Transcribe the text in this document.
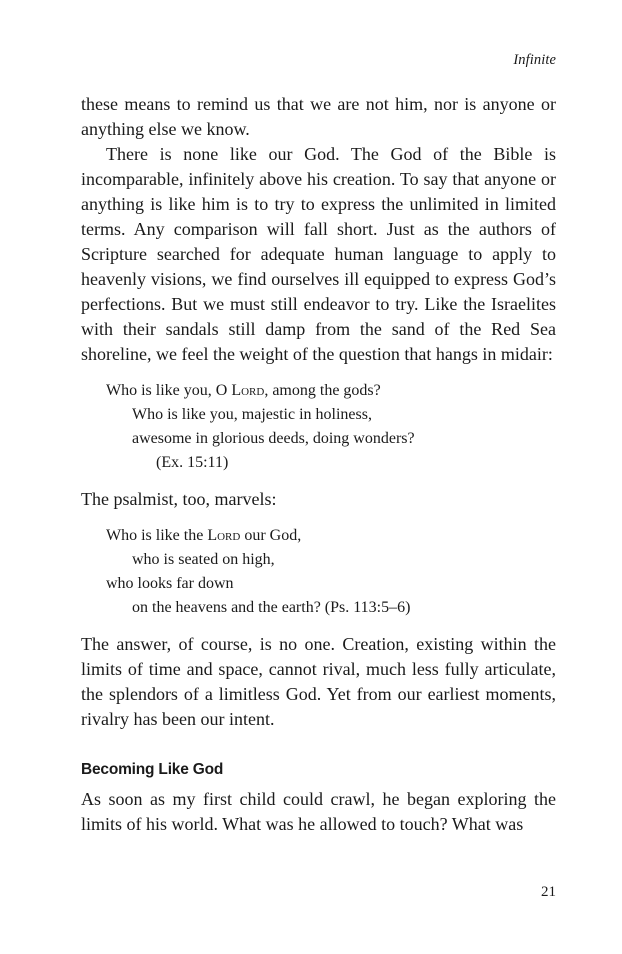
Infinite

these means to remind us that we are not him, nor is anyone or anything else we know.

There is none like our God. The God of the Bible is incomparable, infinitely above his creation. To say that anyone or anything is like him is to try to express the unlimited in limited terms. Any comparison will fall short. Just as the authors of Scripture searched for adequate human language to apply to heavenly visions, we find ourselves ill equipped to express God’s perfections. But we must still endeavor to try. Like the Israelites with their sandals still damp from the sand of the Red Sea shoreline, we feel the weight of the question that hangs in midair:

Who is like you, O Lord, among the gods?
Who is like you, majestic in holiness,
awesome in glorious deeds, doing wonders?
(Ex. 15:11)

The psalmist, too, marvels:

Who is like the Lord our God,
who is seated on high,
who looks far down
on the heavens and the earth? (Ps. 113:5–6)

The answer, of course, is no one. Creation, existing within the limits of time and space, cannot rival, much less fully articulate, the splendors of a limitless God. Yet from our earliest moments, rivalry has been our intent.

Becoming Like God

As soon as my first child could crawl, he began exploring the limits of his world. What was he allowed to touch? What was

21
